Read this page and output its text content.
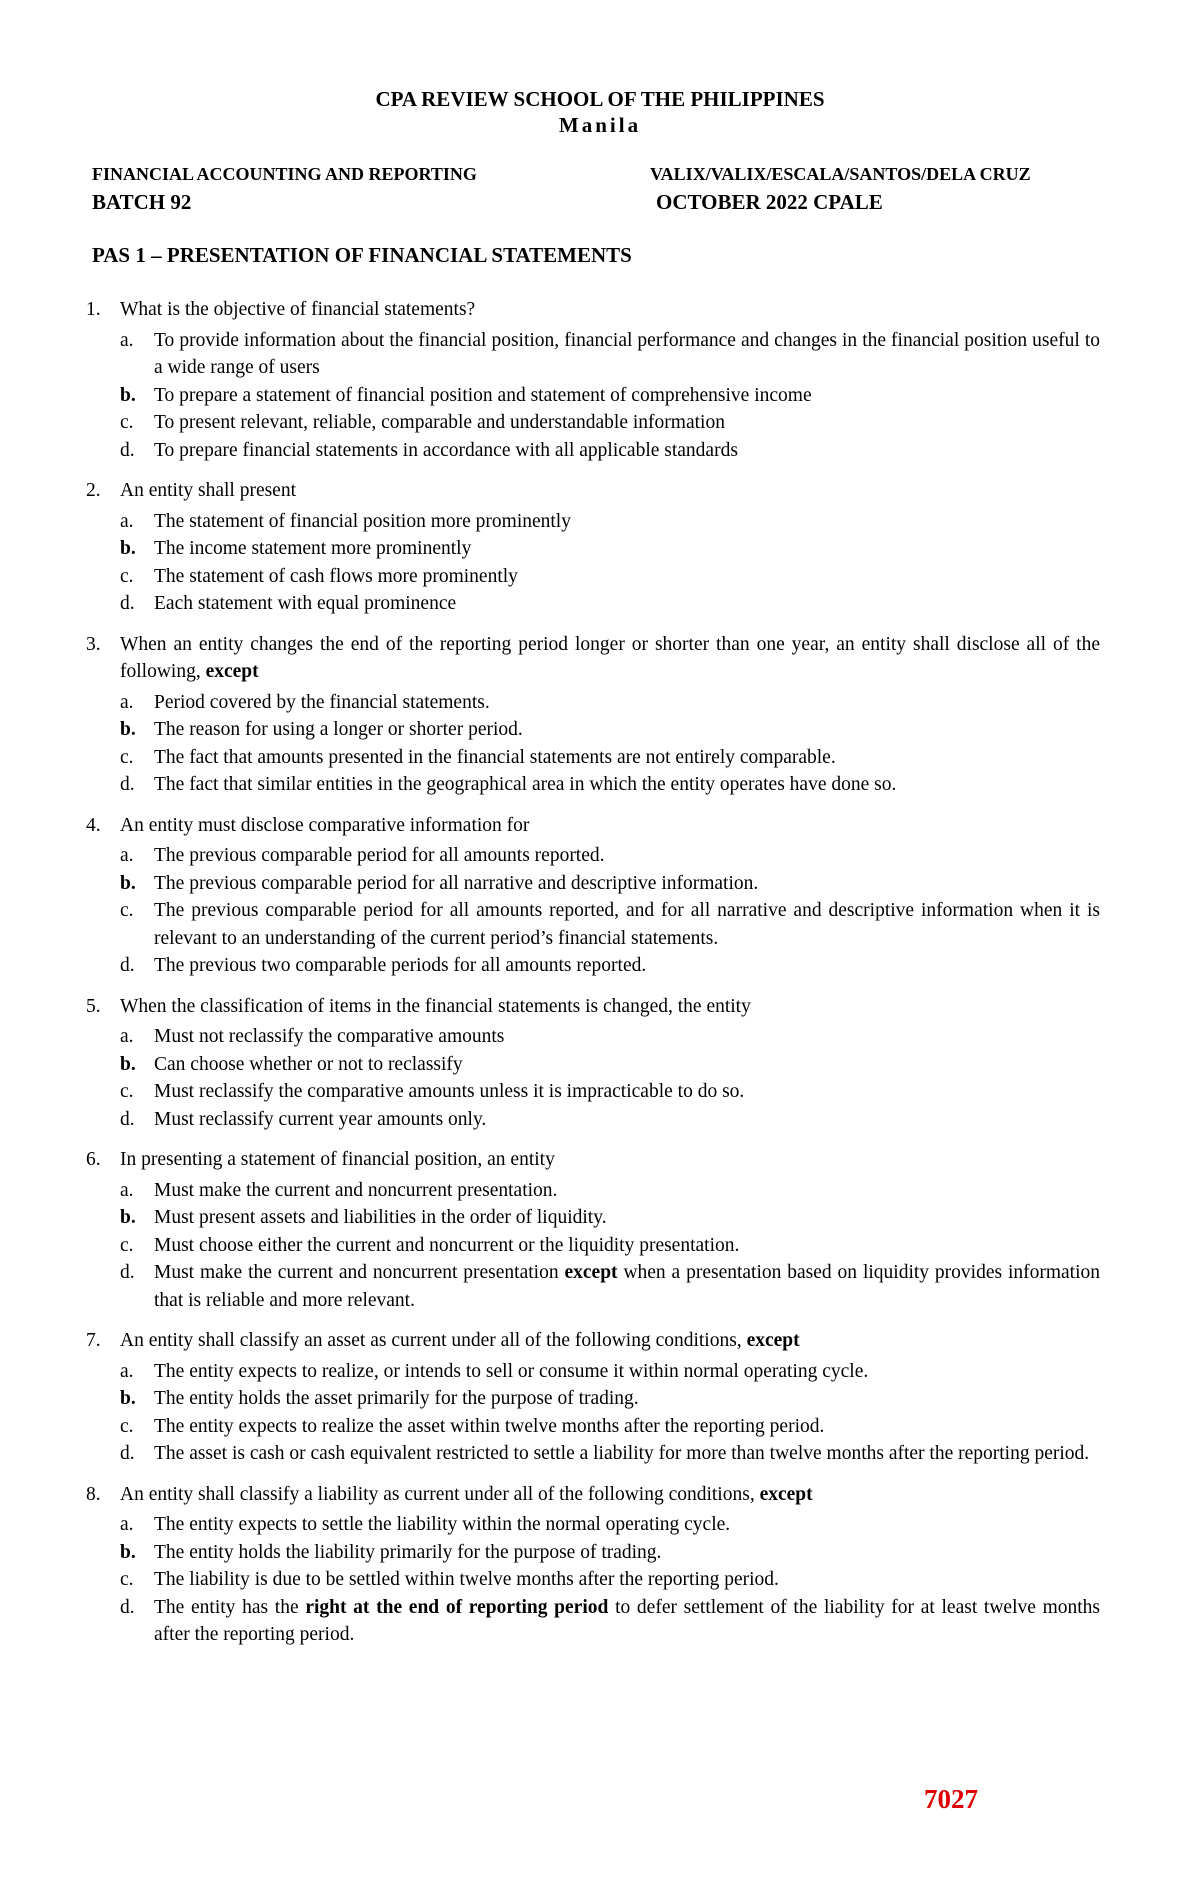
CPA REVIEW SCHOOL OF THE PHILIPPINES
Manila
FINANCIAL ACCOUNTING AND REPORTING	VALIX/VALIX/ESCALA/SANTOS/DELA CRUZ
BATCH 92	OCTOBER 2022 CPALE
PAS 1 – PRESENTATION OF FINANCIAL STATEMENTS
1. What is the objective of financial statements?
a. To provide information about the financial position, financial performance and changes in the financial position useful to a wide range of users
b. To prepare a statement of financial position and statement of comprehensive income
c. To present relevant, reliable, comparable and understandable information
d. To prepare financial statements in accordance with all applicable standards
2. An entity shall present
a. The statement of financial position more prominently
b. The income statement more prominently
c. The statement of cash flows more prominently
d. Each statement with equal prominence
3. When an entity changes the end of the reporting period longer or shorter than one year, an entity shall disclose all of the following, except
a. Period covered by the financial statements.
b. The reason for using a longer or shorter period.
c. The fact that amounts presented in the financial statements are not entirely comparable.
d. The fact that similar entities in the geographical area in which the entity operates have done so.
4. An entity must disclose comparative information for
a. The previous comparable period for all amounts reported.
b. The previous comparable period for all narrative and descriptive information.
c. The previous comparable period for all amounts reported, and for all narrative and descriptive information when it is relevant to an understanding of the current period’s financial statements.
d. The previous two comparable periods for all amounts reported.
5. When the classification of items in the financial statements is changed, the entity
a. Must not reclassify the comparative amounts
b. Can choose whether or not to reclassify
c. Must reclassify the comparative amounts unless it is impracticable to do so.
d. Must reclassify current year amounts only.
6. In presenting a statement of financial position, an entity
a. Must make the current and noncurrent presentation.
b. Must present assets and liabilities in the order of liquidity.
c. Must choose either the current and noncurrent or the liquidity presentation.
d. Must make the current and noncurrent presentation except when a presentation based on liquidity provides information that is reliable and more relevant.
7. An entity shall classify an asset as current under all of the following conditions, except
a. The entity expects to realize, or intends to sell or consume it within normal operating cycle.
b. The entity holds the asset primarily for the purpose of trading.
c. The entity expects to realize the asset within twelve months after the reporting period.
d. The asset is cash or cash equivalent restricted to settle a liability for more than twelve months after the reporting period.
8. An entity shall classify a liability as current under all of the following conditions, except
a. The entity expects to settle the liability within the normal operating cycle.
b. The entity holds the liability primarily for the purpose of trading.
c. The liability is due to be settled within twelve months after the reporting period.
d. The entity has the right at the end of reporting period to defer settlement of the liability for at least twelve months after the reporting period.
7027
